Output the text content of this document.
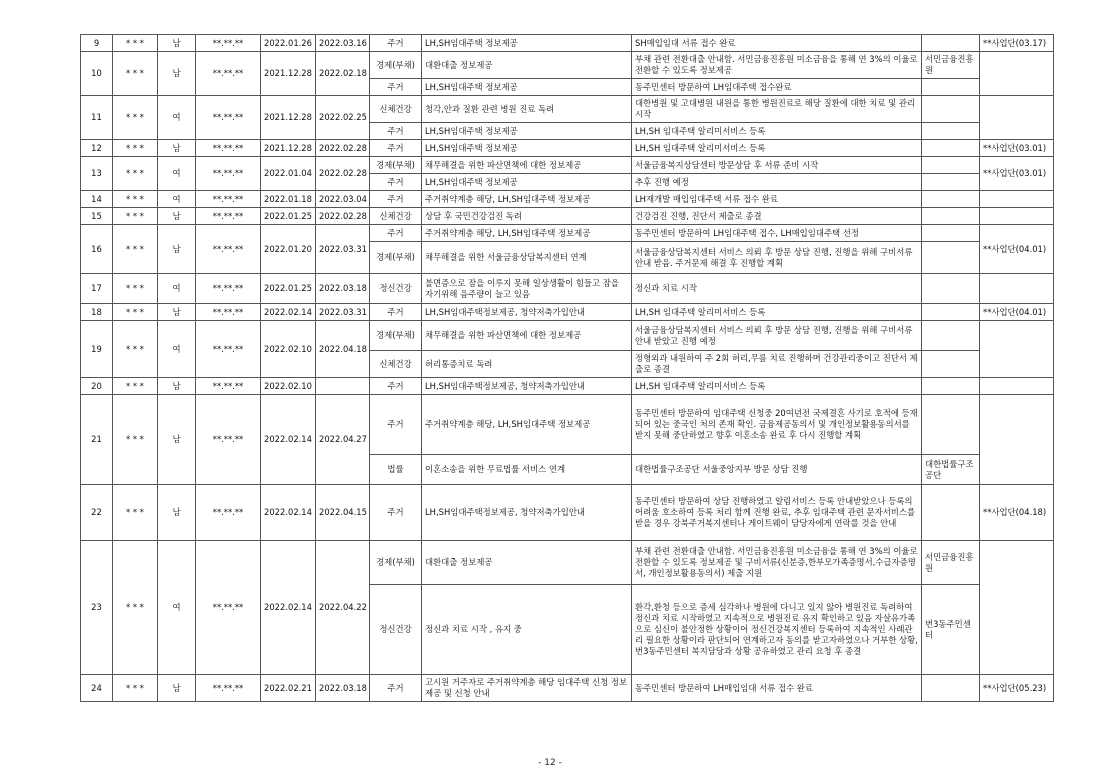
9	* * *	남	**.**.**	2022.01.26	2022.03.16	주거	LH,SH임대주택 정보제공	SH매입임대 서류 접수 완료		**사업단(03.17)
10	* * *	남	**.**.**	2021.12.28	2022.02.18	경제(부채)	대환대출 정보제공	부채 관련 전환대출 안내함. 서민금융진흥원 미소금융을 통해 연 3%의 이율로 전환할 수 있도록 정보제공	서민금융진흥원	
						주거	LH,SH임대주택 정보제공	동주민센터 방문하여 LH임대주택 접수완료		
11	* * *	여	**.**.**	2021.12.28	2022.02.25	신체건강	청각,안과 질환 관련 병원 진료 독려	대한병원 및 고대병원 내원을 통한 병원진료로 해당 질환에 대한 치료 및 관리 시작		
						주거	LH,SH임대주택 정보제공	LH,SH 임대주택 알리미서비스 등록		
12	* * *	남	**.**.**	2021.12.28	2022.02.28	주거	LH,SH임대주택 정보제공	LH,SH 임대주택 알리미서비스 등록		**사업단(03.01)
13	* * *	여	**.**.**	2022.01.04	2022.02.28	경제(부채)	채무해결을 위한 파산면책에 대한 정보제공	서울금융복지상담센터 방문상담 후 서류 준비 시작		**사업단(03.01)
						주거	LH,SH임대주택 정보제공	추후 진행 예정		
14	* * *	여	**.**.**	2022.01.18	2022.03.04	주거	주거취약계층 해당, LH,SH임대주택 정보제공	LH재개발 매입임대주택 서류 접수 완료		
15	* * *	남	**.**.**	2022.01.25	2022.02.28	신체건강	상담 후 국민건강검진 독려	건강검진 진행, 진단서 제출로 종결		
16	* * *	남	**.**.**	2022.01.20	2022.03.31	주거	주거취약계층 해당, LH,SH임대주택 정보제공	동주민센터 방문하여 LH임대주택 접수, LH매입임대주택 선정		**사업단(04.01)
						경제(부채)	채무해결을 위한 서울금융상담복지센터 연계	서울금융상담복지센터 서비스 의뢰 후 방문 상담 진행, 진행을 위해 구비서류 안내 받음. 주거문제 해결 후 진행할 계획		
17	* * *	여	**.**.**	2022.01.25	2022.03.18	정신건강	불면증으로 잠을 이루지 못해 일상생활이 힘들고 잠을 자기위해 음주량이 늘고 있음	정신과 치료 시작		
18	* * *	남	**.**.**	2022.02.14	2022.03.31	주거	LH,SH임대주택정보제공, 청약저축가입안내	LH,SH 임대주택 알리미서비스 등록		**사업단(04.01)
19	* * *	여	**.**.**	2022.02.10	2022.04.18	경제(부채)	채무해결을 위한 파산면책에 대한 정보제공	서울금융상담복지센터 서비스 의뢰 후 방문 상담 진행, 진행을 위해 구비서류 안내 받았고 진행 예정		
						신체건강	허리통증치료 독려	정형외과 내원하여 주 2회 허리,무릎 치료 진행하며 건강관리중이고 진단서 제출로 종결		
20	* * *	남	**.**.**	2022.02.10		주거	LH,SH임대주택정보제공, 청약저축가입안내	LH,SH 임대주택 알리미서비스 등록		
21	* * *	남	**.**.**	2022.02.14	2022.04.27	주거	주거취약계층 해당, LH,SH임대주택 정보제공	동주민센터 방문하여 임대주택 신청중 20여년전 국제결혼 사기로 호적에 등재되어 있는 중국인 처의 존재 확인. 금융제공동의서 및 개인정보활용동의서를 받지 못해 중단하였고 향후 이혼소송 완료 후 다시 진행할 계획		
						법률	이혼소송을 위한 무료법률 서비스 연계	대한법률구조공단 서울중앙지부 방문 상담 진행	대한법률구조공단	
22	* * *	남	**.**.**	2022.02.14	2022.04.15	주거	LH,SH임대주택정보제공, 청약저축가입안내	동주민센터 방문하여 상담 진행하였고 알림서비스 등록 안내받았으나 등록의 어려움 호소하여 등록 처리 함께 진행 완료, 추후 임대주택 관련 문자서비스를 받을 경우 강북주거복지센터나 게이트웨이 담당자에게 연락를 것을 안내		**사업단(04.18)
23	* * *	여	**.**.**	2022.02.14	2022.04.22	경제(부채)	대환대출 정보제공	부채 관련 전환대출 안내함. 서민금융진흥원 미소금융을 통해 연 3%의 이율로 전환할 수 있도록 정보제공 및 구비서류(신분증,한부모가족증명서,수급자증명서, 개인정보활용동의서) 제출 지원	서민금융진흥원	
						정신건강	정신과 치료 시작 , 유지 중	환각,환청 등으로 증세 심각하나 병원에 다니고 있지 않아 병원진료 독려하여 정신과 치료 시작하였고 지속적으로 병원진료 유지 확인하고 있음 자살유가족으로 심신이 불안정한 상황이어 정신건강복지센터 등록하여 지속적인 사례관리 필요한 상황이라 판단되어 연계하고자 동의를 받고자하였으나 거부한 상황, 번3동주민센터 복지담당과 상황 공유하였고 관리 요청 후 종결	번3동주민센터	
24	* * *	남	**.**.**	2022.02.21	2022.03.18	주거	고시원 거주자로 주거취약계층 해당 임대주택 신청 정보제공 및 신청 안내	동주민센터 방문하여 LH매입임대 서류 접수 완료		**사업단(05.23)
- 12 -
